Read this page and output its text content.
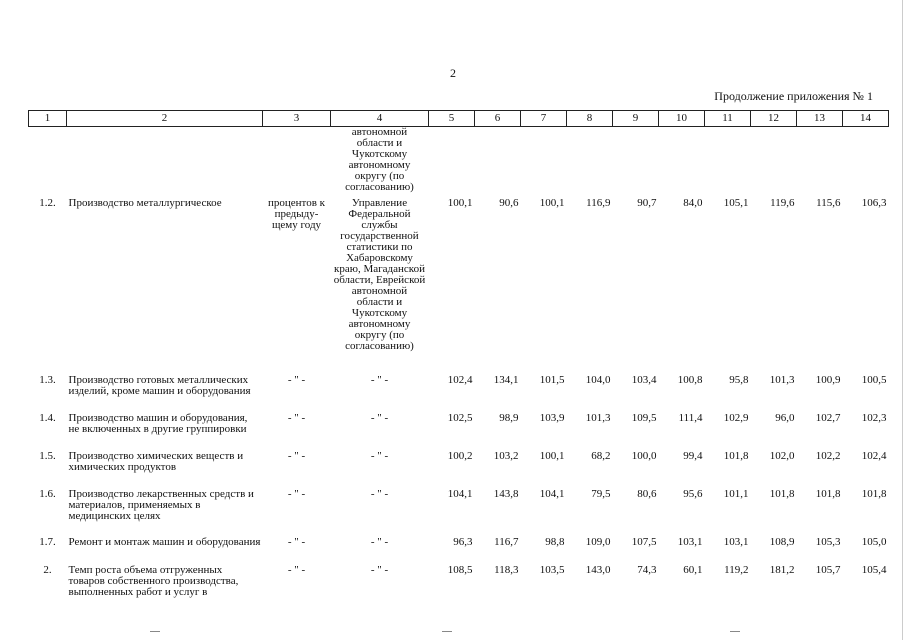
2
Продолжение приложения № 1
1	2	3	4	5	6	7	8	9	10	11	12	13	14
			автономной области и Чукотскому автономному округу (по согласованию)										
1.2.	Производство металлургическое	процентов к предыду- щему году	Управление Федеральной службы государственной статистики по Хабаровскому краю, Магаданской области, Еврейской автономной области и Чукотскому автономному округу (по согласованию)	100,1	90,6	100,1	116,9	90,7	84,0	105,1	119,6	115,6	106,3
1.3.	Производство готовых металлических изделий, кроме машин и оборудования	- " -	- " -	102,4	134,1	101,5	104,0	103,4	100,8	95,8	101,3	100,9	100,5
1.4.	Производство машин и оборудования, не включенных в другие группировки	- " -	- " -	102,5	98,9	103,9	101,3	109,5	111,4	102,9	96,0	102,7	102,3
1.5.	Производство химических веществ и химических продуктов	- " -	- " -	100,2	103,2	100,1	68,2	100,0	99,4	101,8	102,0	102,2	102,4
1.6.	Производство лекарственных средств и материалов, применяемых в медицинских целях	- " -	- " -	104,1	143,8	104,1	79,5	80,6	95,6	101,1	101,8	101,8	101,8
1.7.	Ремонт и монтаж машин и оборудования	- " -	- " -	96,3	116,7	98,8	109,0	107,5	103,1	103,1	108,9	105,3	105,0
2.	Темп роста объема отгруженных товаров собственного производства, выполненных работ и услуг в	- " -	- " -	108,5	118,3	103,5	143,0	74,3	60,1	119,2	181,2	105,7	105,4
